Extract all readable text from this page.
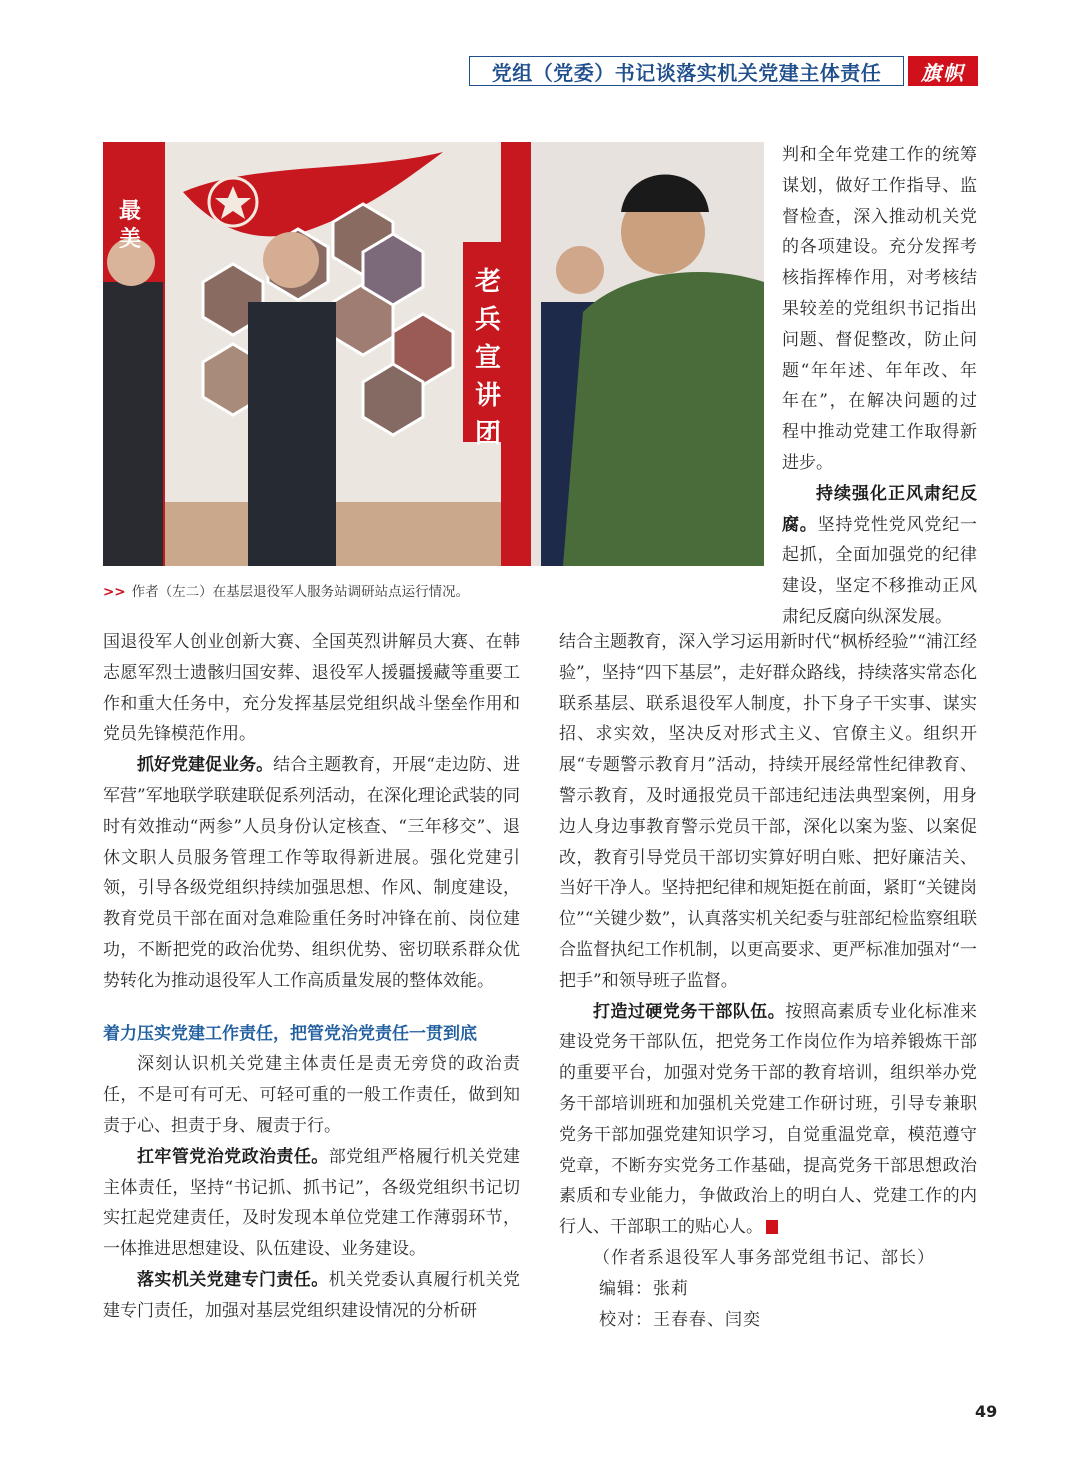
党组（党委）书记谈落实机关党建主体责任 旗帜
老
兵
宣
讲
团
最
美
>> 作者（左二）在基层退役军人服务站调研站点运行情况。

判和全年党建工作的统筹谋划，做好工作指导、监督检查，深入推动机关党的各项建设。充分发挥考核指挥棒作用，对考核结果较差的党组织书记指出问题、督促整改，防止问题“年年述、年年改、年年在”，在解决问题的过程中推动党建工作取得新进步。

持续强化正风肃纪反腐。坚持党性党风党纪一起抓，全面加强党的纪律建设，坚定不移推动正风肃纪反腐向纵深发展。

国退役军人创业创新大赛、全国英烈讲解员大赛、在韩志愿军烈士遗骸归国安葬、退役军人援疆援藏等重要工作和重大任务中，充分发挥基层党组织战斗堡垒作用和党员先锋模范作用。

抓好党建促业务。结合主题教育，开展“走边防、进军营”军地联学联建联促系列活动，在深化理论武装的同时有效推动“两参”人员身份认定核查、“三年移交”、退休文职人员服务管理工作等取得新进展。强化党建引领，引导各级党组织持续加强思想、作风、制度建设，教育党员干部在面对急难险重任务时冲锋在前、岗位建功，不断把党的政治优势、组织优势、密切联系群众优势转化为推动退役军人工作高质量发展的整体效能。

着力压实党建工作责任，把管党治党责任一贯到底

深刻认识机关党建主体责任是责无旁贷的政治责任，不是可有可无、可轻可重的一般工作责任，做到知责于心、担责于身、履责于行。

扛牢管党治党政治责任。部党组严格履行机关党建主体责任，坚持“书记抓、抓书记”，各级党组织书记切实扛起党建责任，及时发现本单位党建工作薄弱环节，一体推进思想建设、队伍建设、业务建设。

落实机关党建专门责任。机关党委认真履行机关党建专门责任，加强对基层党组织建设情况的分析研

结合主题教育，深入学习运用新时代“枫桥经验”“浦江经验”，坚持“四下基层”，走好群众路线，持续落实常态化联系基层、联系退役军人制度，扑下身子干实事、谋实招、求实效，坚决反对形式主义、官僚主义。组织开展“专题警示教育月”活动，持续开展经常性纪律教育、警示教育，及时通报党员干部违纪违法典型案例，用身边人身边事教育警示党员干部，深化以案为鉴、以案促改，教育引导党员干部切实算好明白账、把好廉洁关、当好干净人。坚持把纪律和规矩挺在前面，紧盯“关键岗位”“关键少数”，认真落实机关纪委与驻部纪检监察组联合监督执纪工作机制，以更高要求、更严标准加强对“一把手”和领导班子监督。

打造过硬党务干部队伍。按照高素质专业化标准来建设党务干部队伍，把党务工作岗位作为培养锻炼干部的重要平台，加强对党务干部的教育培训，组织举办党务干部培训班和加强机关党建工作研讨班，引导专兼职党务干部加强党建知识学习，自觉重温党章，模范遵守党章，不断夯实党务工作基础，提高党务干部思想政治素质和专业能力，争做政治上的明白人、党建工作的内行人、干部职工的贴心人。

（作者系退役军人事务部党组书记、部长）

编辑：张莉

校对：王春春、闫奕

49
